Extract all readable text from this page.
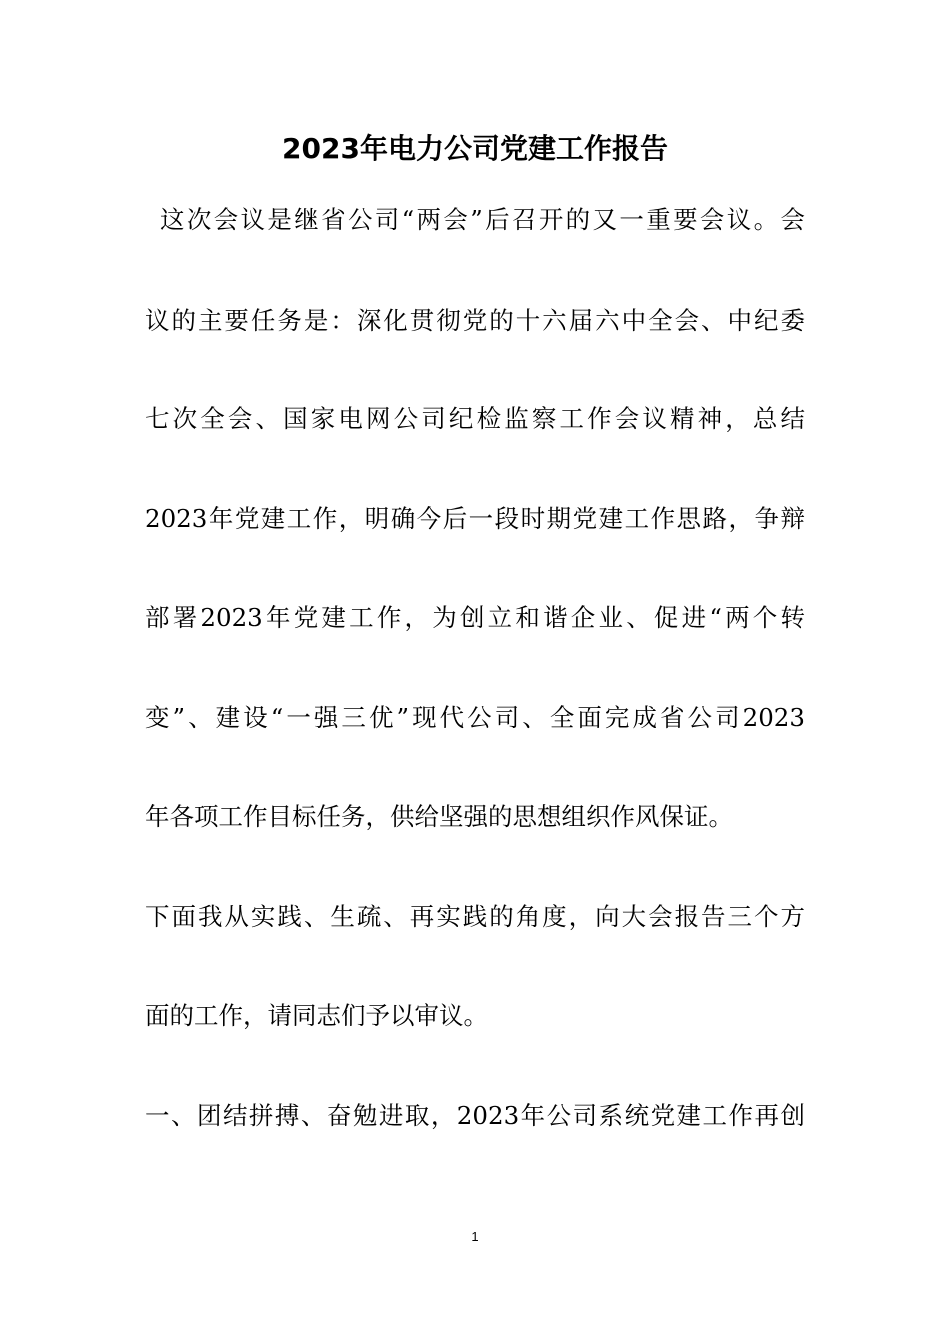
2023年电力公司党建工作报告
这次会议是继省公司“两会”后召开的又一重要会议。会
议的主要任务是：深化贯彻党的十六届六中全会、中纪委
七次全会、国家电网公司纪检监察工作会议精神，总结
2023年党建工作，明确今后一段时期党建工作思路，争辩
部署2023年党建工作，为创立和谐企业、促进“两个转
变”、建设“一强三优”现代公司、全面完成省公司2023
年各项工作目标任务，供给坚强的思想组织作风保证。
下面我从实践、生疏、再实践的角度，向大会报告三个方
面的工作，请同志们予以审议。
一、团结拼搏、奋勉进取，2023年公司系统党建工作再创
1
